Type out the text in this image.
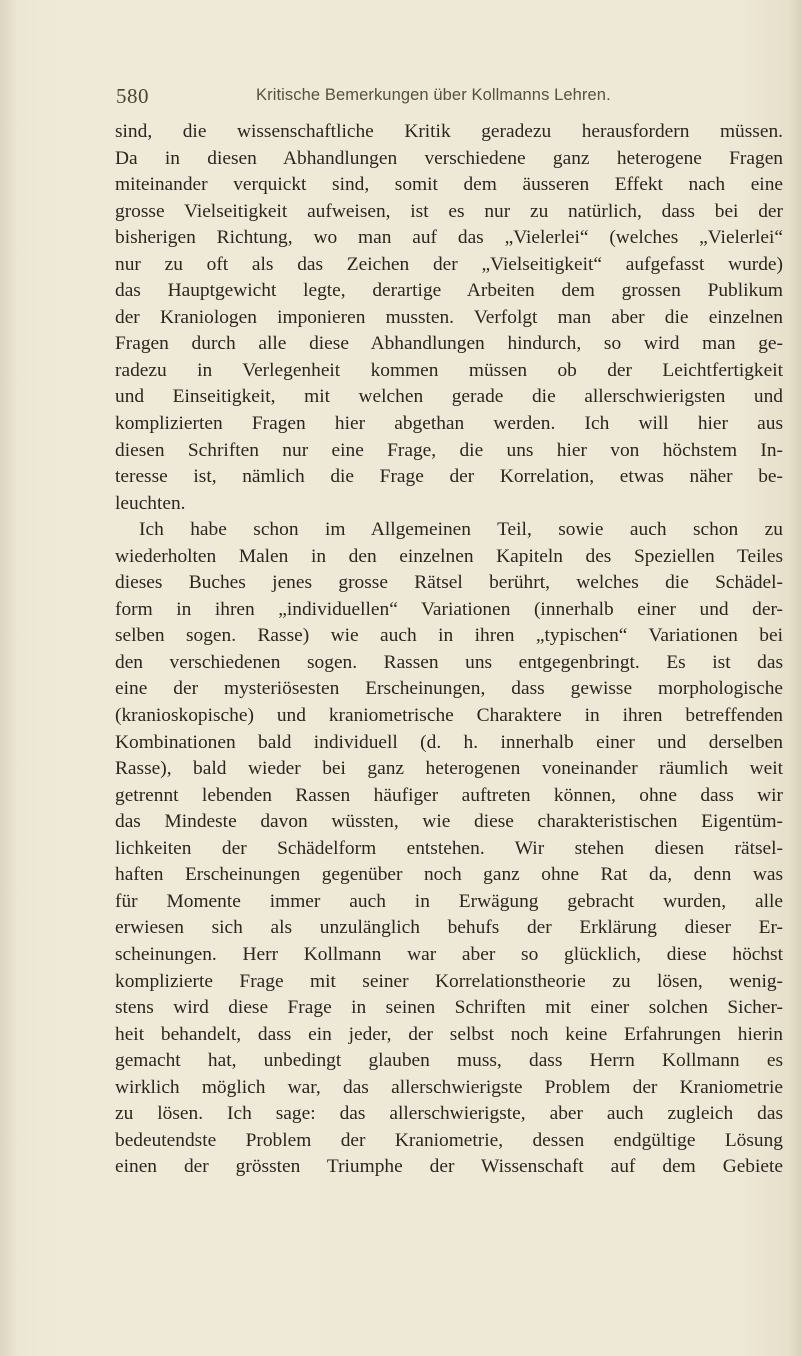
580	Kritische Bemerkungen über Kollmanns Lehren.
sind, die wissenschaftliche Kritik geradezu herausfordern müssen.
Da in diesen Abhandlungen verschiedene ganz heterogene Fragen
miteinander verquickt sind, somit dem äusseren Effekt nach eine
grosse Vielseitigkeit aufweisen, ist es nur zu natürlich, dass bei der
bisherigen Richtung, wo man auf das „Vielerlei“ (welches „Vielerlei“
nur zu oft als das Zeichen der „Vielseitigkeit“ aufgefasst wurde)
das Hauptgewicht legte, derartige Arbeiten dem grossen Publikum
der Kraniologen imponieren mussten. Verfolgt man aber die einzelnen
Fragen durch alle diese Abhandlungen hindurch, so wird man ge-
radezu in Verlegenheit kommen müssen ob der Leichtfertigkeit
und Einseitigkeit, mit welchen gerade die allerschwierigsten und
komplizierten Fragen hier abgethan werden. Ich will hier aus
diesen Schriften nur eine Frage, die uns hier von höchstem In-
teresse ist, nämlich die Frage der Korrelation, etwas näher be-
leuchten.
Ich habe schon im Allgemeinen Teil, sowie auch schon zu
wiederholten Malen in den einzelnen Kapiteln des Speziellen Teiles
dieses Buches jenes grosse Rätsel berührt, welches die Schädel-
form in ihren „individuellen“ Variationen (innerhalb einer und der-
selben sogen. Rasse) wie auch in ihren „typischen“ Variationen bei
den verschiedenen sogen. Rassen uns entgegenbringt. Es ist das
eine der mysteriösesten Erscheinungen, dass gewisse morphologische
(kranioskopische) und kraniometrische Charaktere in ihren betreffenden
Kombinationen bald individuell (d. h. innerhalb einer und derselben
Rasse), bald wieder bei ganz heterogenen voneinander räumlich weit
getrennt lebenden Rassen häufiger auftreten können, ohne dass wir
das Mindeste davon wüssten, wie diese charakteristischen Eigentüm-
lichkeiten der Schädelform entstehen. Wir stehen diesen rätsel-
haften Erscheinungen gegenüber noch ganz ohne Rat da, denn was
für Momente immer auch in Erwägung gebracht wurden, alle
erwiesen sich als unzulänglich behufs der Erklärung dieser Er-
scheinungen. Herr Kollmann war aber so glücklich, diese höchst
komplizierte Frage mit seiner Korrelationstheorie zu lösen, wenig-
stens wird diese Frage in seinen Schriften mit einer solchen Sicher-
heit behandelt, dass ein jeder, der selbst noch keine Erfahrungen hierin
gemacht hat, unbedingt glauben muss, dass Herrn Kollmann es
wirklich möglich war, das allerschwierigste Problem der Kraniometrie
zu lösen. Ich sage: das allerschwierigste, aber auch zugleich das
bedeutendste Problem der Kraniometrie, dessen endgültige Lösung
einen der grössten Triumphe der Wissenschaft auf dem Gebiete
